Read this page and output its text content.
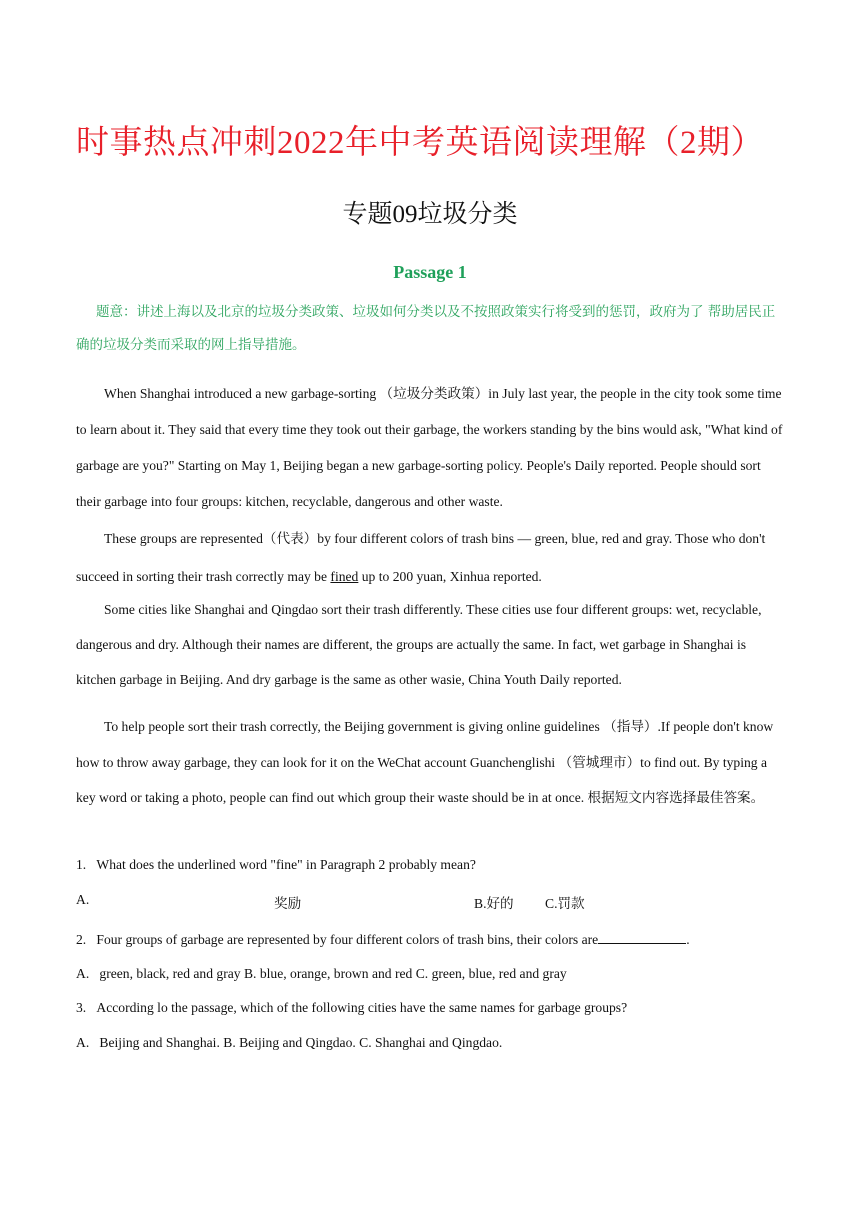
时事热点冲刺2022年中考英语阅读理解（2期）
专题09垃圾分类
Passage 1
题意：讲述上海以及北京的垃圾分类政策、垃圾如何分类以及不按照政策实行将受到的惩罚，政府为了 帮助居民正确的垃圾分类而采取的网上指导措施。
When Shanghai introduced a new garbage-sorting （垃圾分类政策）in July last year, the people in the city took some time to learn about it. They said that every time they took out their garbage, the workers standing by the bins would ask, "What kind of garbage are you?" Starting on May 1, Beijing began a new garbage-sorting policy. People's Daily reported. People should sort their garbage into four groups: kitchen, recyclable, dangerous and other waste.
These groups are represented（代表）by four different colors of trash bins — green, blue, red and gray. Those who don't succeed in sorting their trash correctly may be fined up to 200 yuan, Xinhua reported.
Some cities like Shanghai and Qingdao sort their trash differently. These cities use four different groups: wet, recyclable, dangerous and dry. Although their names are different, the groups are actually the same. In fact, wet garbage in Shanghai is kitchen garbage in Beijing. And dry garbage is the same as other wasie, China Youth Daily reported.
To help people sort their trash correctly, the Beijing government is giving online guidelines （指导）.If people don't know how to throw away garbage, they can look for it on the WeChat account Guanchenglishi （管城理市）to find out. By typing a key word or taking a photo, people can find out which group their waste should be in at once. 根据短文内容选择最佳答案。
1.   What does the underlined word "fine" in Paragraph 2 probably mean?
A.	奖励	B.好的 C.罚款
2.   Four groups of garbage are represented by four different colors of trash bins, their colors are	.
A.   green, black, red and gray B. blue, orange, brown and red C. green, blue, red and gray
3.   According lo the passage, which of the following cities have the same names for garbage groups?
A.   Beijing and Shanghai. B. Beijing and Qingdao. C. Shanghai and Qingdao.
